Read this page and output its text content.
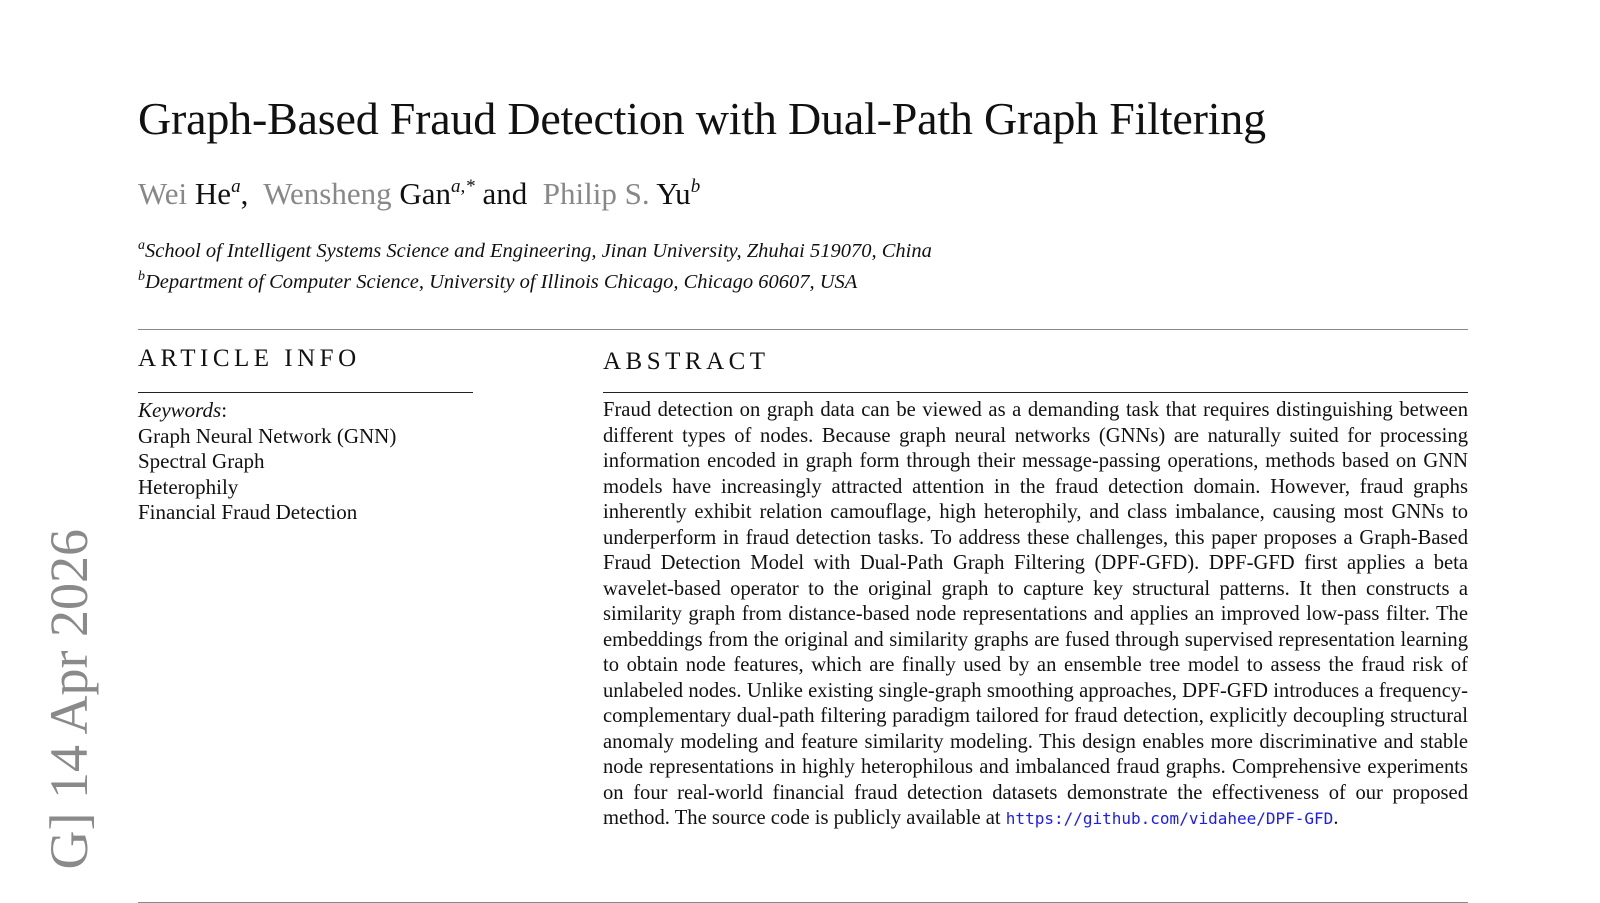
Graph-Based Fraud Detection with Dual-Path Graph Filtering
Wei He$^a$, Wensheng Gan$^{a,*}$ and Philip S. Yu$^b$
$^a$School of Intelligent Systems Science and Engineering, Jinan University, Zhuhai 519070, China
$^b$Department of Computer Science, University of Illinois Chicago, Chicago 60607, USA
ARTICLE INFO
Keywords:
Graph Neural Network (GNN)
Spectral Graph
Heterophily
Financial Fraud Detection
ABSTRACT
Fraud detection on graph data can be viewed as a demanding task that requires distinguishing between different types of nodes. Because graph neural networks (GNNs) are naturally suited for processing information encoded in graph form through their message-passing operations, methods based on GNN models have increasingly attracted attention in the fraud detection domain. However, fraud graphs inherently exhibit relation camouflage, high heterophily, and class imbalance, causing most GNNs to underperform in fraud detection tasks. To address these challenges, this paper proposes a Graph-Based Fraud Detection Model with Dual-Path Graph Filtering (DPF-GFD). DPF-GFD first applies a beta wavelet-based operator to the original graph to capture key structural patterns. It then constructs a similarity graph from distance-based node representations and applies an improved low-pass filter. The embeddings from the original and similarity graphs are fused through supervised representation learning to obtain node features, which are finally used by an ensemble tree model to assess the fraud risk of unlabeled nodes. Unlike existing single-graph smoothing approaches, DPF-GFD introduces a frequency-complementary dual-path filtering paradigm tailored for fraud detection, explicitly decoupling structural anomaly modeling and feature similarity modeling. This design enables more discriminative and stable node representations in highly heterophilous and imbalanced fraud graphs. Comprehensive experiments on four real-world financial fraud detection datasets demonstrate the effectiveness of our proposed method. The source code is publicly available at https://github.com/vidahee/DPF-GFD.
G] 14 Apr 2026
